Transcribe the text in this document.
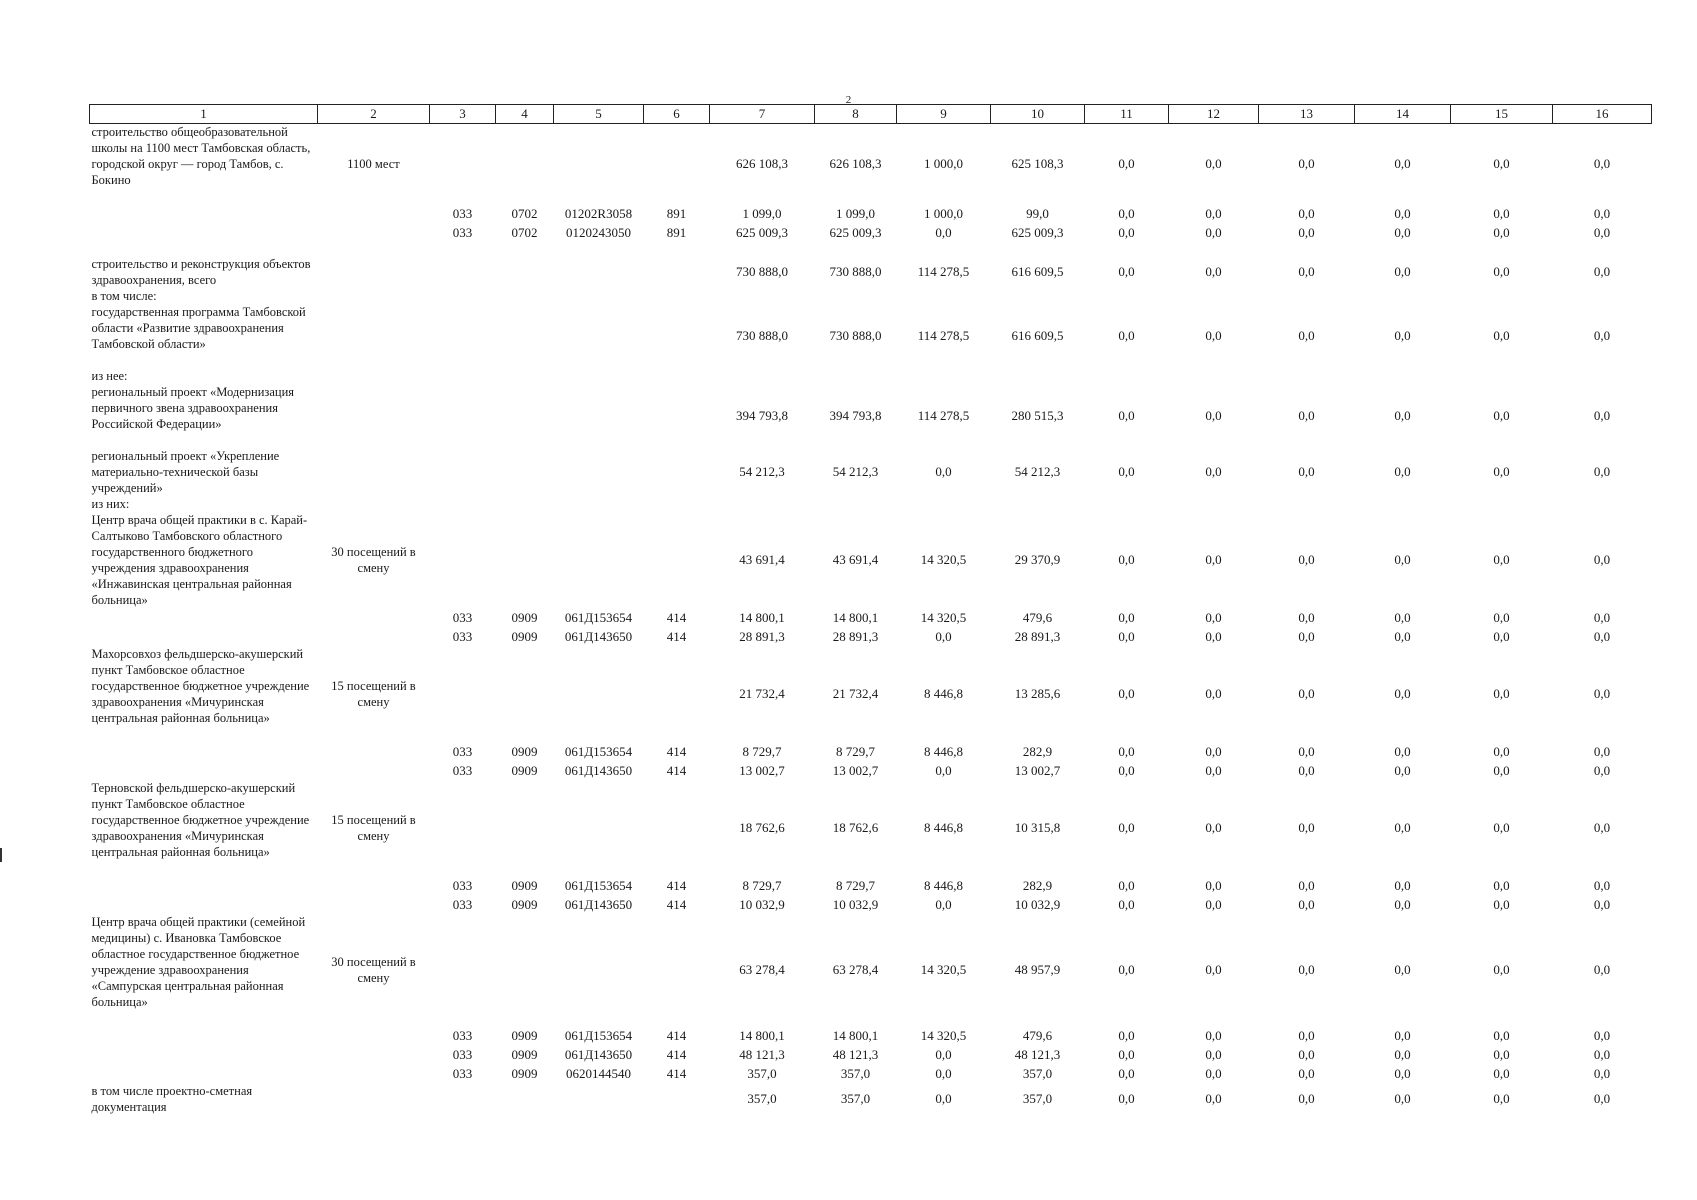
2
1	2	3	4	5	6	7	8	9	10	11	12	13	14	15	16
строительство общеобразовательной школы на 1100 мест Тамбовская область, городской округ — город Тамбов, с. Бокино	1100 мест					626 108,3	626 108,3	1 000,0	625 108,3	0,0	0,0	0,0	0,0	0,0	0,0
		033	0702	01202R3058	891	1 099,0	1 099,0	1 000,0	99,0	0,0	0,0	0,0	0,0	0,0	0,0
		033	0702	0120243050	891	625 009,3	625 009,3	0,0	625 009,3	0,0	0,0	0,0	0,0	0,0	0,0

строительство и реконструкция объектов здравоохранения, всего						730 888,0	730 888,0	114 278,5	616 609,5	0,0	0,0	0,0	0,0	0,0	0,0
в том числе:															
государственная программа Тамбовской области «Развитие здравоохранения Тамбовской области»						730 888,0	730 888,0	114 278,5	616 609,5	0,0	0,0	0,0	0,0	0,0	0,0
из нее:															
региональный проект «Модернизация первичного звена здравоохранения Российской Федерации»						394 793,8	394 793,8	114 278,5	280 515,3	0,0	0,0	0,0	0,0	0,0	0,0
региональный проект «Укрепление материально-технической базы учреждений»						54 212,3	54 212,3	0,0	54 212,3	0,0	0,0	0,0	0,0	0,0	0,0
из них:															
Центр врача общей практики в с. Карай-Салтыково Тамбовского областного государственного бюджетного учреждения здравоохранения «Инжавинская центральная районная больница»	30 посещений в смену					43 691,4	43 691,4	14 320,5	29 370,9	0,0	0,0	0,0	0,0	0,0	0,0
		033	0909	061Д153654	414	14 800,1	14 800,1	14 320,5	479,6	0,0	0,0	0,0	0,0	0,0	0,0
		033	0909	061Д143650	414	28 891,3	28 891,3	0,0	28 891,3	0,0	0,0	0,0	0,0	0,0	0,0
Махорсовхоз фельдшерско-акушерский пункт Тамбовское областное государственное бюджетное учреждение здравоохранения «Мичуринская центральная районная больница»	15 посещений в смену					21 732,4	21 732,4	8 446,8	13 285,6	0,0	0,0	0,0	0,0	0,0	0,0
		033	0909	061Д153654	414	8 729,7	8 729,7	8 446,8	282,9	0,0	0,0	0,0	0,0	0,0	0,0
		033	0909	061Д143650	414	13 002,7	13 002,7	0,0	13 002,7	0,0	0,0	0,0	0,0	0,0	0,0
Терновской фельдшерско-акушерский пункт Тамбовское областное государственное бюджетное учреждение здравоохранения «Мичуринская центральная районная больница»	15 посещений в смену					18 762,6	18 762,6	8 446,8	10 315,8	0,0	0,0	0,0	0,0	0,0	0,0
		033	0909	061Д153654	414	8 729,7	8 729,7	8 446,8	282,9	0,0	0,0	0,0	0,0	0,0	0,0
		033	0909	061Д143650	414	10 032,9	10 032,9	0,0	10 032,9	0,0	0,0	0,0	0,0	0,0	0,0
Центр врача общей практики (семейной медицины) с. Ивановка Тамбовское областное государственное бюджетное учреждение здравоохранения «Сампурская центральная районная больница»	30 посещений в смену					63 278,4	63 278,4	14 320,5	48 957,9	0,0	0,0	0,0	0,0	0,0	0,0
		033	0909	061Д153654	414	14 800,1	14 800,1	14 320,5	479,6	0,0	0,0	0,0	0,0	0,0	0,0
		033	0909	061Д143650	414	48 121,3	48 121,3	0,0	48 121,3	0,0	0,0	0,0	0,0	0,0	0,0
		033	0909	0620144540	414	357,0	357,0	0,0	357,0	0,0	0,0	0,0	0,0	0,0	0,0
в том числе проектно-сметная документация						357,0	357,0	0,0	357,0	0,0	0,0	0,0	0,0	0,0	0,0
